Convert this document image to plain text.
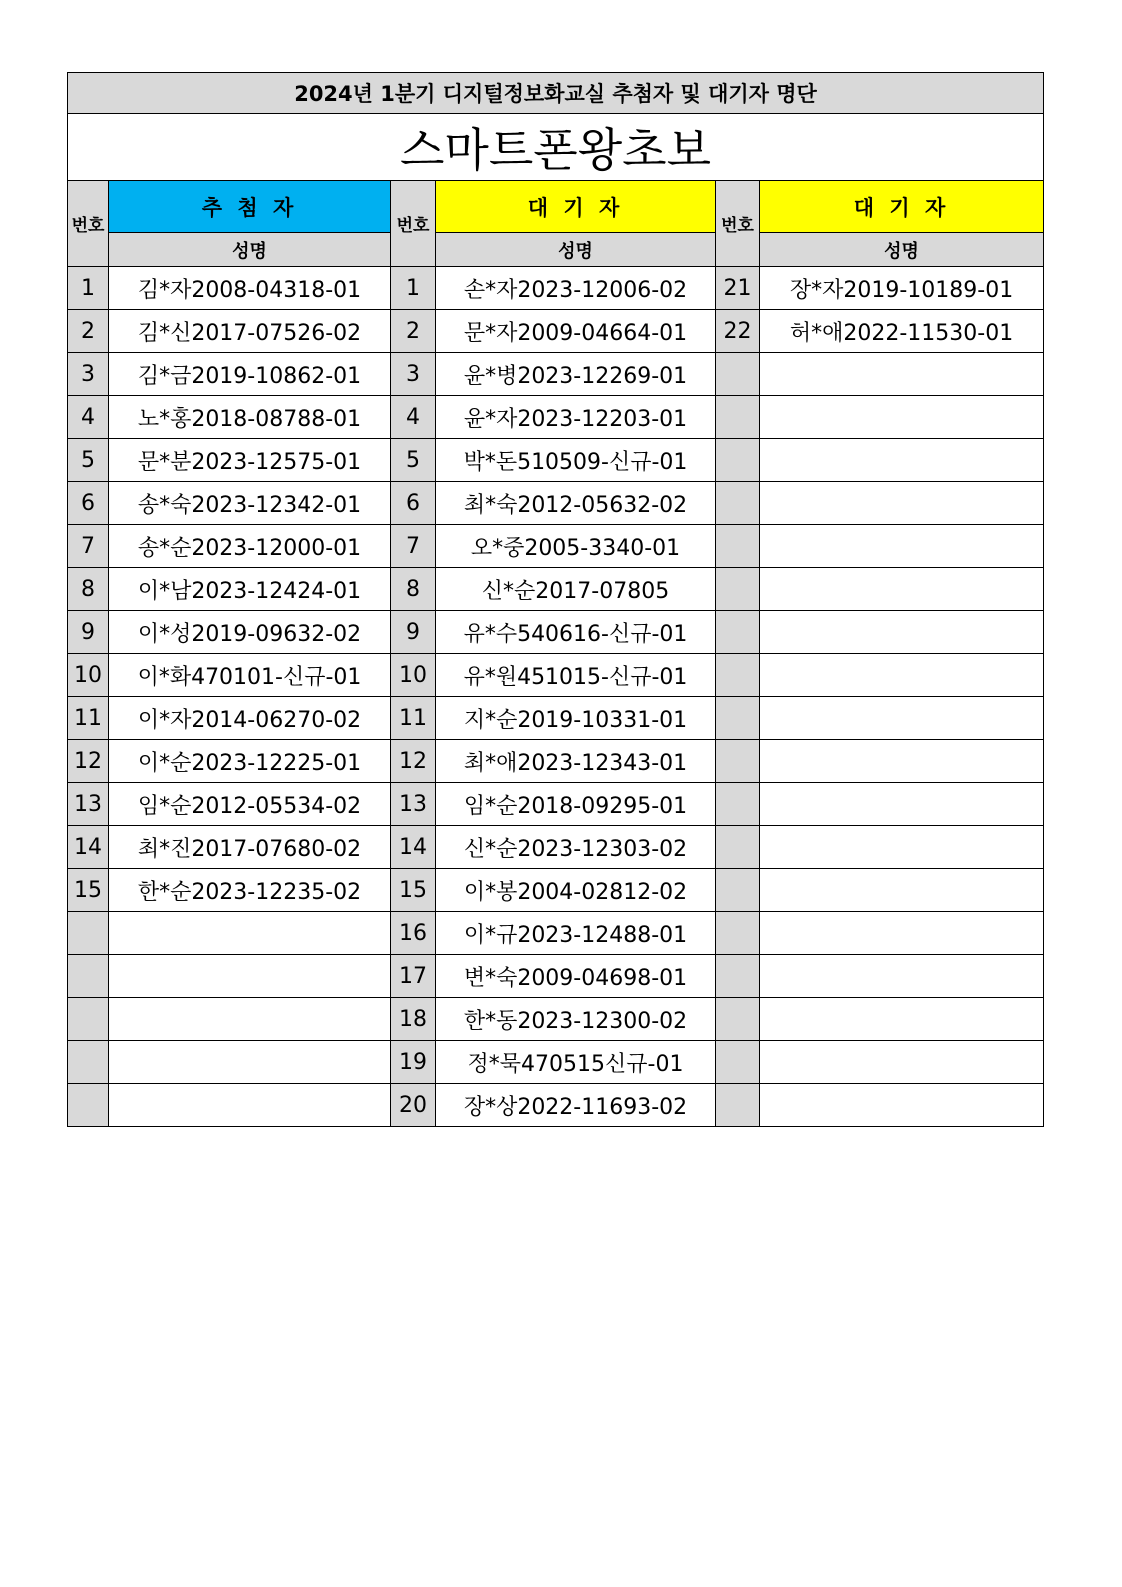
2024년 1분기 디지털정보화교실 추첨자 및 대기자 명단					
스마트폰왕초보					
번호	추 첨 자	번호	대 기 자	번호	대 기 자
	성명		성명		성명
1	김*자2008-04318-01	1	손*자2023-12006-02	21	장*자2019-10189-01
2	김*신2017-07526-02	2	문*자2009-04664-01	22	허*애2022-11530-01
3	김*금2019-10862-01	3	윤*병2023-12269-01		
4	노*홍2018-08788-01	4	윤*자2023-12203-01		
5	문*분2023-12575-01	5	박*돈510509-신규-01		
6	송*숙2023-12342-01	6	최*숙2012-05632-02		
7	송*순2023-12000-01	7	오*중2005-3340-01		
8	이*남2023-12424-01	8	신*순2017-07805		
9	이*성2019-09632-02	9	유*수540616-신규-01		
10	이*화470101-신규-01	10	유*원451015-신규-01		
11	이*자2014-06270-02	11	지*순2019-10331-01		
12	이*순2023-12225-01	12	최*애2023-12343-01		
13	임*순2012-05534-02	13	임*순2018-09295-01		
14	최*진2017-07680-02	14	신*순2023-12303-02		
15	한*순2023-12235-02	15	이*봉2004-02812-02		
		16	이*규2023-12488-01		
		17	변*숙2009-04698-01		
		18	한*동2023-12300-02		
		19	정*묵470515신규-01		
		20	장*상2022-11693-02		
